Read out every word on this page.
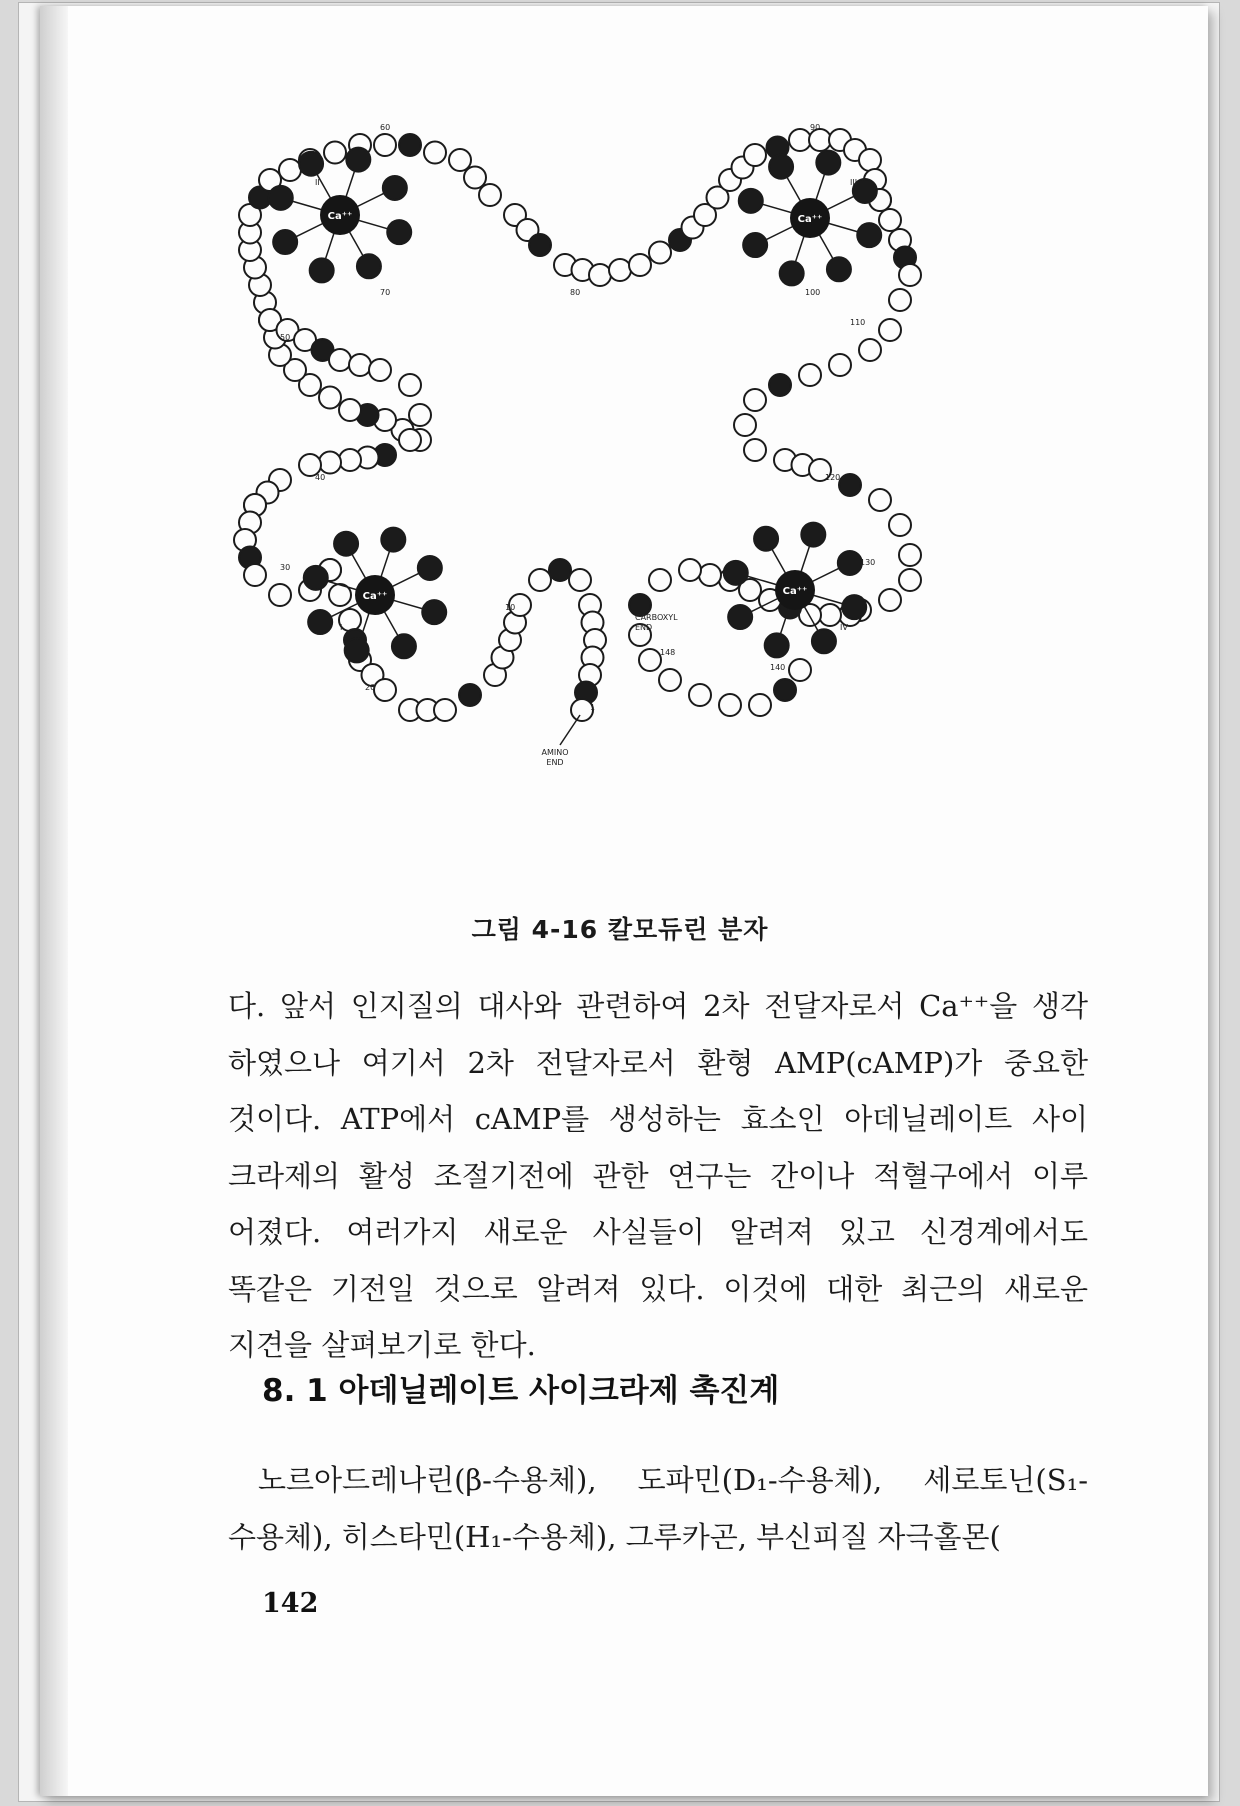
Ca⁺⁺
II
Ca⁺⁺
III
Ca⁺⁺
I
Ca⁺⁺
IV
AMINO
END
CARBOXYL
END
1
10
20
30
40
50
60
70	80
90
100
110
120
130
140
148
그림 4-16 칼모듀린 분자
다. 앞서 인지질의 대사와 관련하여 2차 전달자로서 Ca⁺⁺을 생각
하였으나 여기서 2차 전달자로서 환형 AMP(cAMP)가 중요한
것이다. ATP에서 cAMP를 생성하는 효소인 아데닐레이트 사이
크라제의 활성 조절기전에 관한 연구는 간이나 적혈구에서 이루
어졌다. 여러가지 새로운 사실들이 알려져 있고 신경계에서도
똑같은 기전일 것으로 알려져 있다. 이것에 대한 최근의 새로운
지견을 살펴보기로 한다.
8. 1 아데닐레이트 사이크라제 촉진계
노르아드레나린(β-수용체), 도파민(D₁-수용체), 세로토닌(S₁-
수용체), 히스타민(H₁-수용체), 그루카곤, 부신피질 자극홀몬(
142
